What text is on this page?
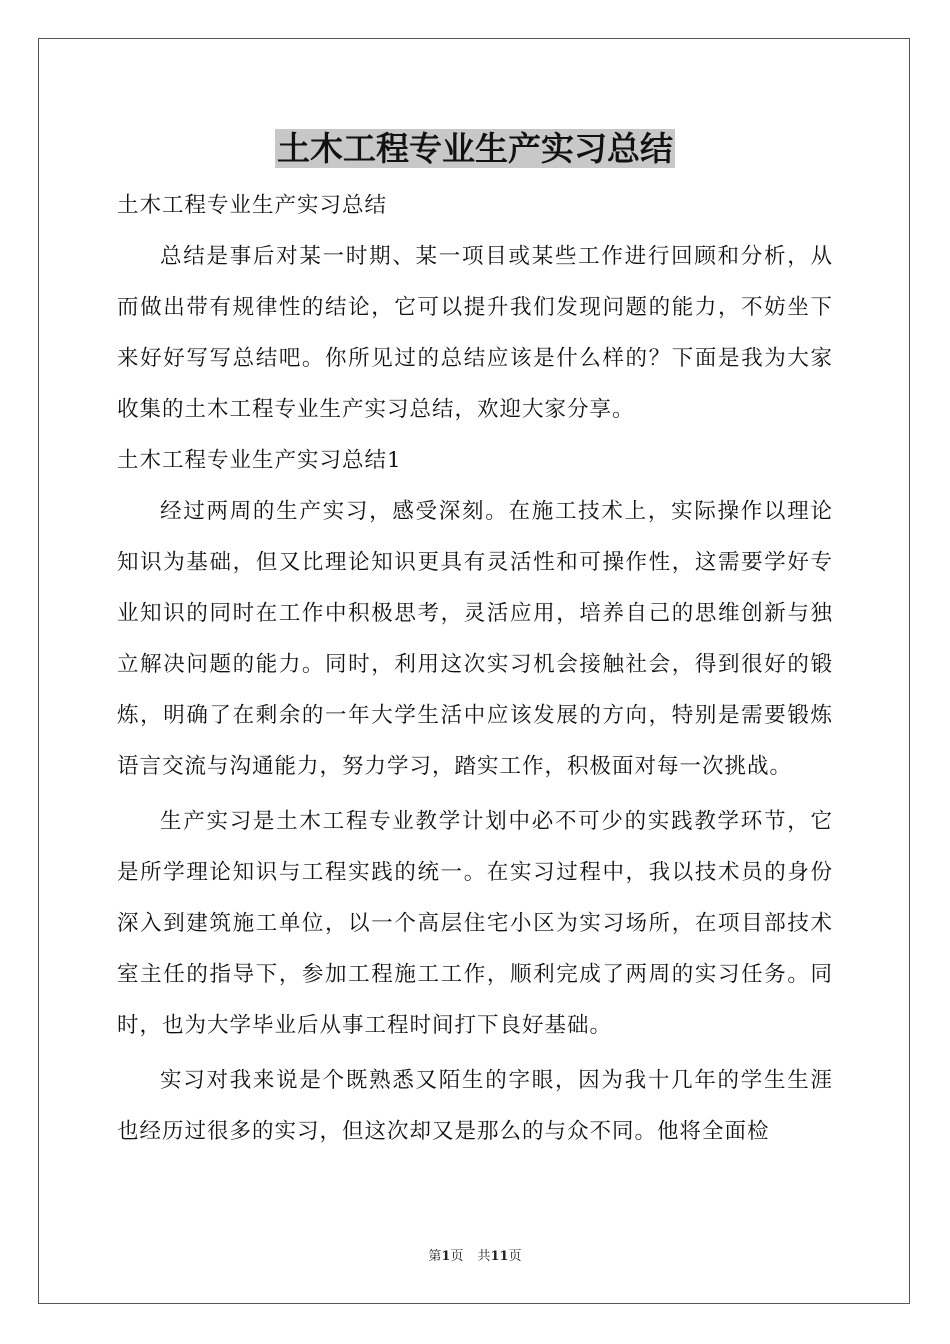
土木工程专业生产实习总结

土木工程专业生产实习总结

总结是事后对某一时期、某一项目或某些工作进行回顾和分析，从而做出带有规律性的结论，它可以提升我们发现问题的能力，不妨坐下来好好写写总结吧。你所见过的总结应该是什么样的？下面是我为大家收集的土木工程专业生产实习总结，欢迎大家分享。

土木工程专业生产实习总结1

经过两周的生产实习，感受深刻。在施工技术上，实际操作以理论知识为基础，但又比理论知识更具有灵活性和可操作性，这需要学好专业知识的同时在工作中积极思考，灵活应用，培养自己的思维创新与独立解决问题的能力。同时，利用这次实习机会接触社会，得到很好的锻炼，明确了在剩余的一年大学生活中应该发展的方向，特别是需要锻炼语言交流与沟通能力，努力学习，踏实工作，积极面对每一次挑战。

生产实习是土木工程专业教学计划中必不可少的实践教学环节，它是所学理论知识与工程实践的统一。在实习过程中，我以技术员的身份深入到建筑施工单位，以一个高层住宅小区为实习场所，在项目部技术室主任的指导下，参加工程施工工作，顺利完成了两周的实习任务。同时，也为大学毕业后从事工程时间打下良好基础。

实习对我来说是个既熟悉又陌生的字眼，因为我十几年的学生生涯也经历过很多的实习，但这次却又是那么的与众不同。他将全面检

第1页 共11页
